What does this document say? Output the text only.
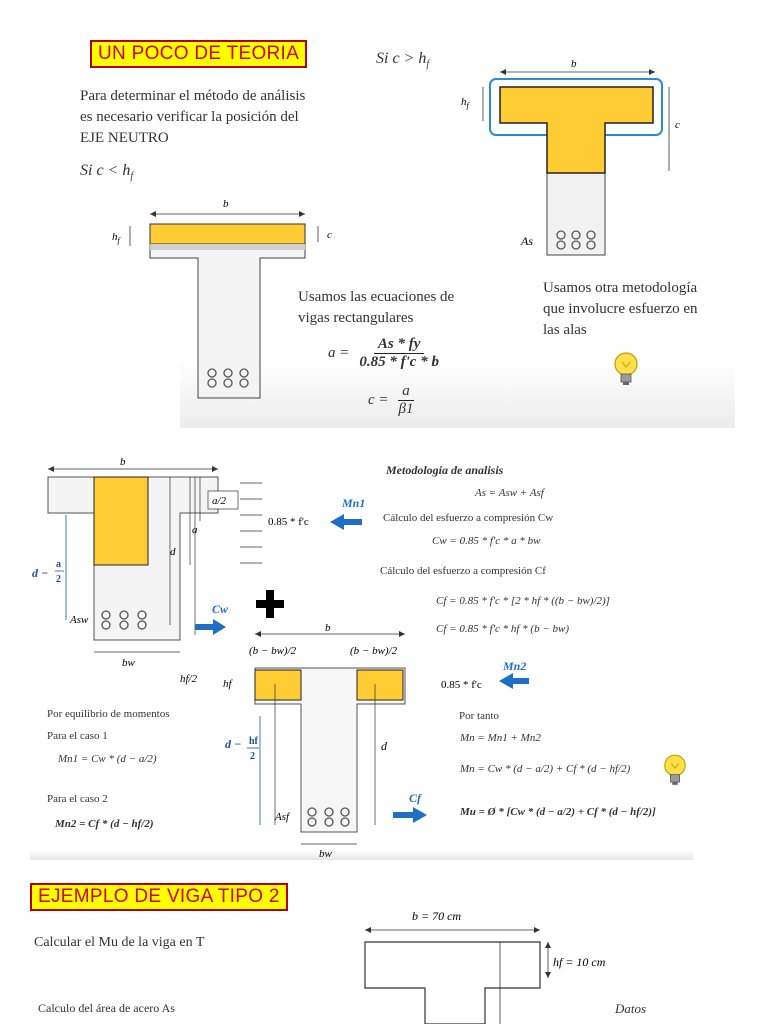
UN POCO DE TEORIA
Para determinar el método de análisis es necesario verificar la posición del EJE NEUTRO
Si $c < h_f$
Si $c > h_f$
b
$h_f$	c
b
$h_f$
c
As
Usamos las ecuaciones de vigas rectangulares
$a = \frac{As * fy}{0.85 * f'c * b}$
$c = \frac{a}{\beta 1}$
Usamos otra metodología que involucre esfuerzo en las alas
b
a/2
a
d
d −
a
2
Asw
bw
Cw
0.85 * f'c
Mn1
b
(b − bw)/2	(b − bw)/2
hf/2 hf
d
d − hf
2
Asf
bw
Cf
0.85 * f'c
Mn2
Metodologia de analisis
As = Asw + Asf
Cálculo del esfuerzo a compresión Cw
Cw = 0.85 * f'c * a * bw
Cálculo del esfuerzo a compresión Cf
Cf = 0.85 * f'c * [2 * hf * ((b − bw)/2)]
Cf = 0.85 * f'c * hf * (b − bw)
Por equilibrio de momentos
Para el caso 1
Mn1 = Cw * (d − a/2)
Para el caso 2
Mn2 = Cf * (d − hf/2)
Por tanto
Mn = Mn1 + Mn2
Mn = Cw * (d − a/2) + Cf * (d − hf/2)
Mu = Ø * [Cw * (d − a/2) + Cf * (d − hf/2)]
EJEMPLO DE VIGA TIPO 2
Calcular el Mu de la viga en T
Calculo del área de acero As	Datos
b = 70 cm
hf = 10 cm
